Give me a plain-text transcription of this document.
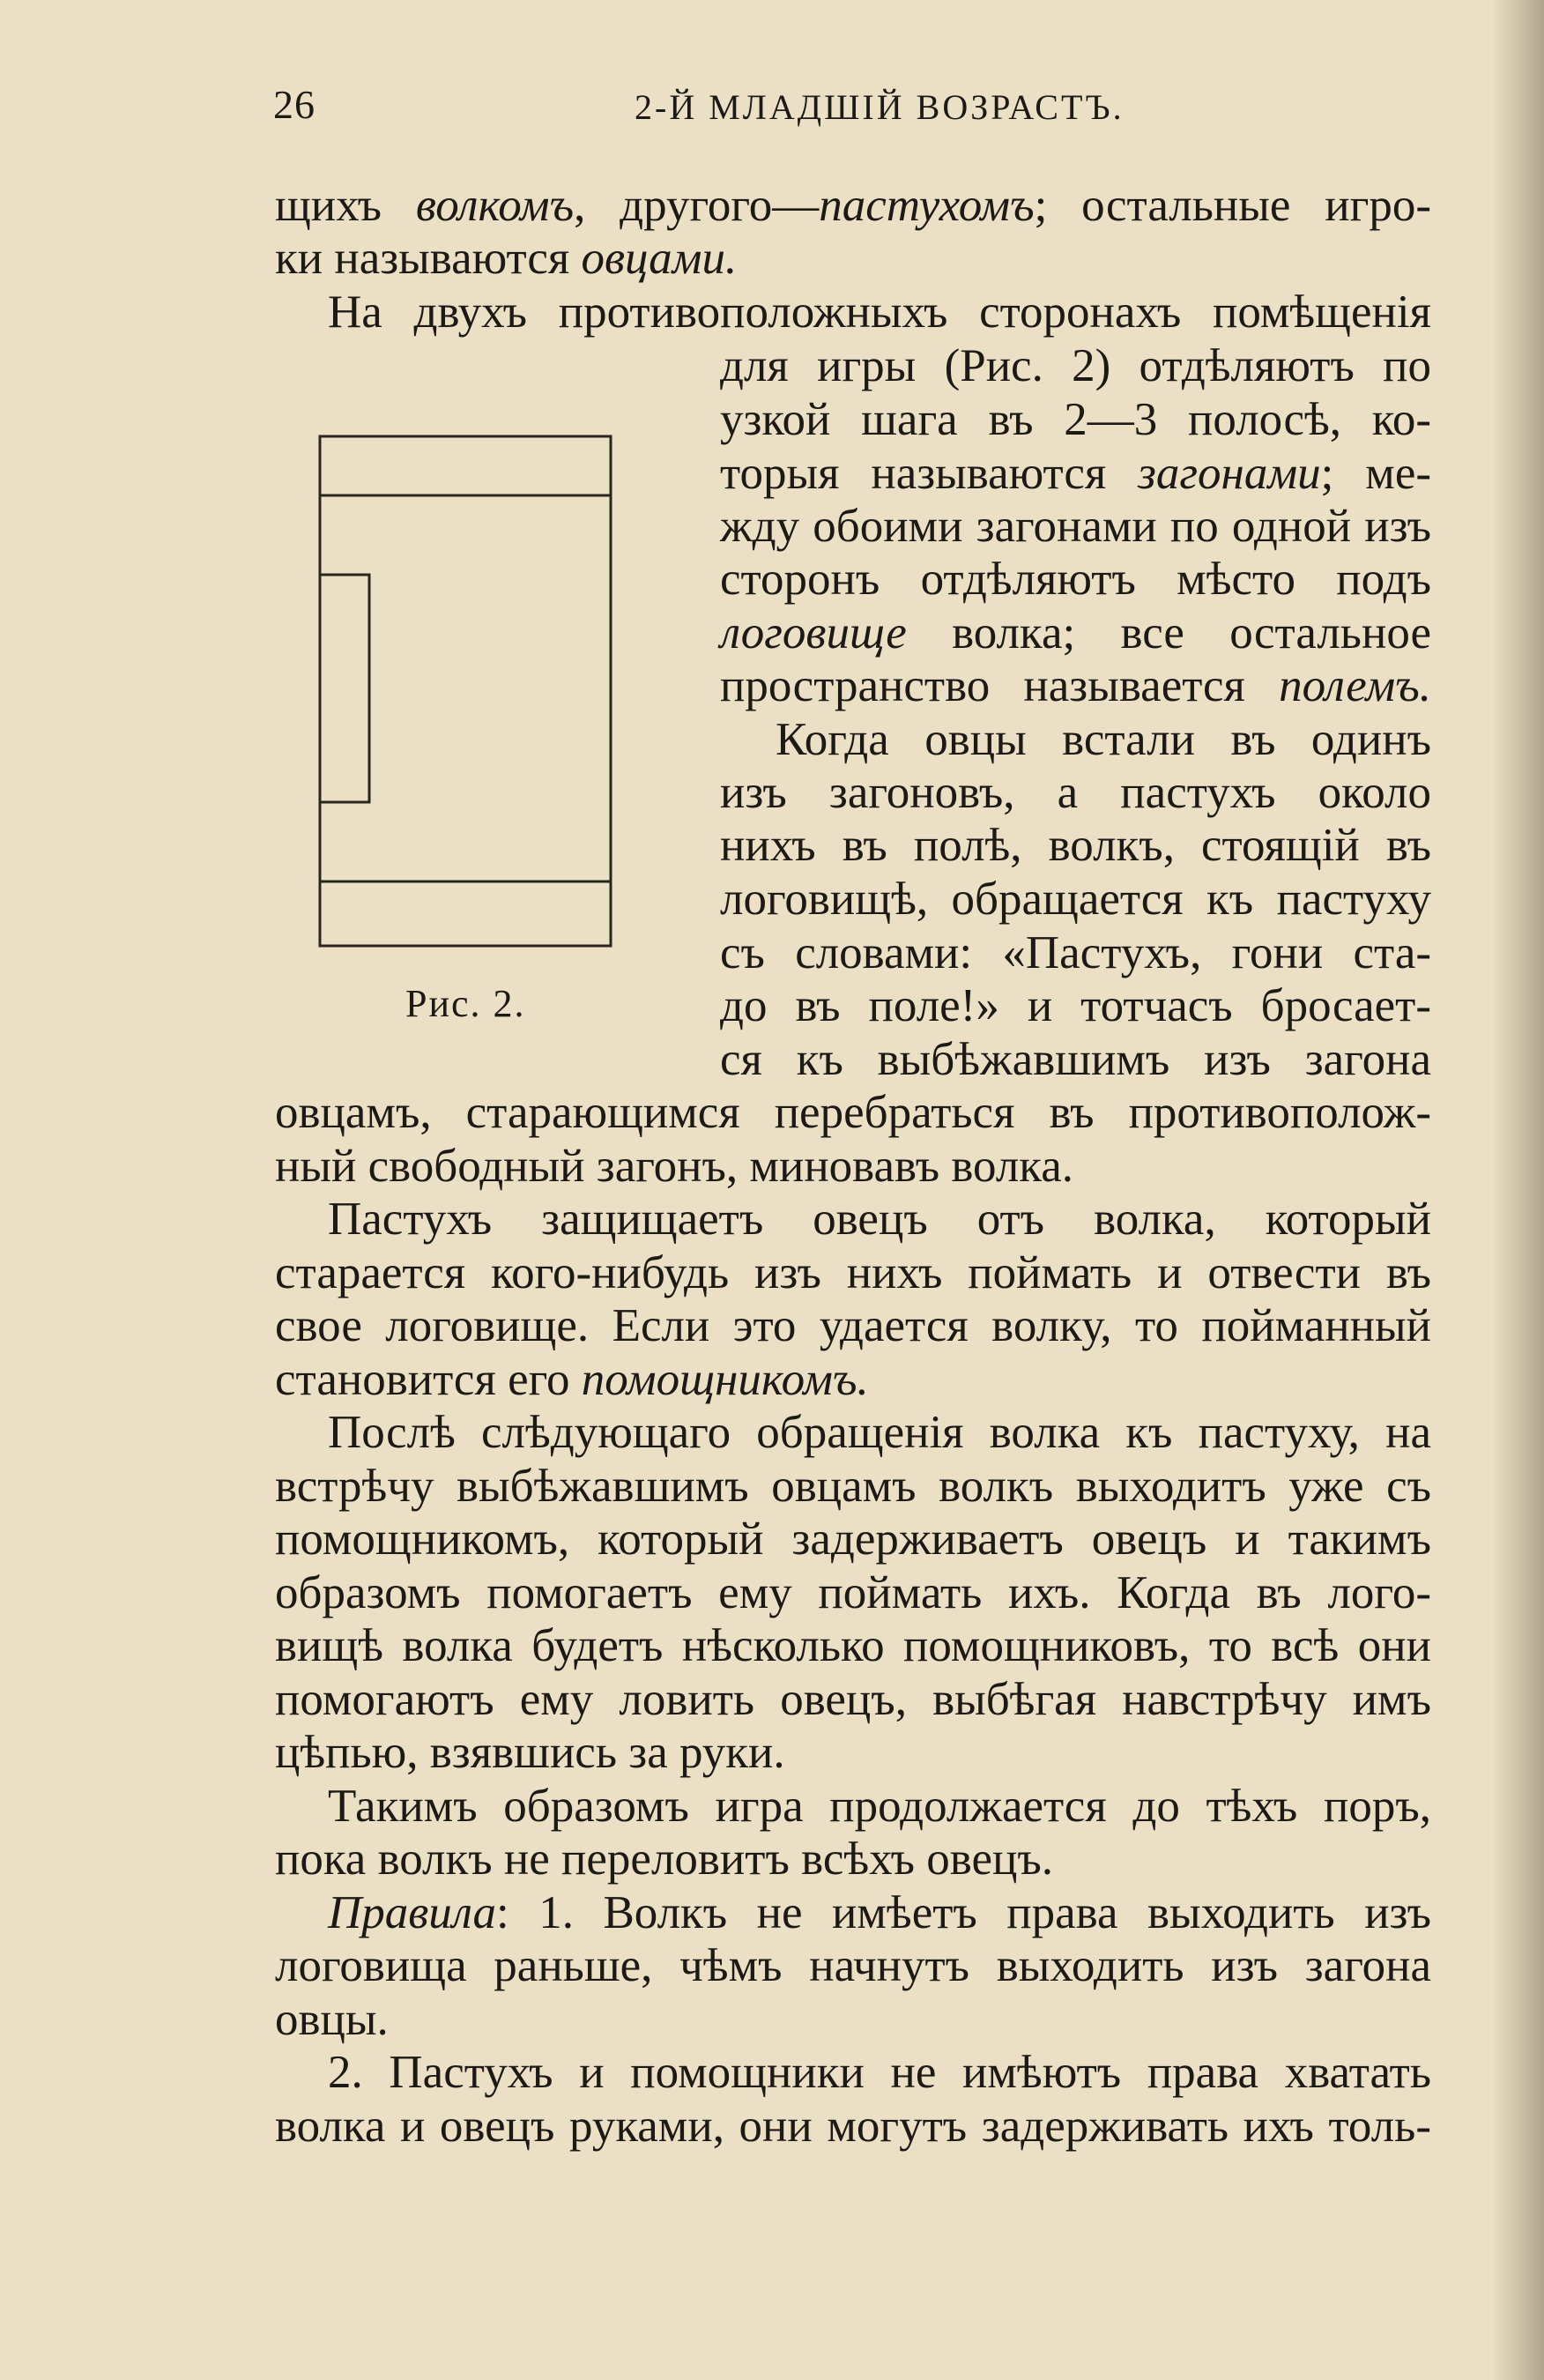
26	2-Й МЛАДШІЙ ВОЗРАСТЪ.
Рис. 2.
щихъ волкомъ, другого—пастухомъ; остальные игро-
ки называются овцами.
На двухъ противоположныхъ сторонахъ помѣщенія
для игры (Рис. 2) отдѣляютъ по
узкой шага въ 2—3 полосѣ, ко-
торыя называются загонами; ме-
жду обоими загонами по одной изъ
сторонъ отдѣляютъ мѣсто подъ
логовище волка; все остальное
пространство называется полемъ.
Когда овцы встали въ одинъ
изъ загоновъ, а пастухъ около
нихъ въ полѣ, волкъ, стоящій въ
логовищѣ, обращается къ пастуху
съ словами: «Пастухъ, гони ста-
до въ поле!» и тотчасъ бросает-
ся къ выбѣжавшимъ изъ загона
овцамъ, старающимся перебраться въ противополож-
ный свободный загонъ, миновавъ волка.
Пастухъ защищаетъ овецъ отъ волка, который
старается кого-нибудь изъ нихъ поймать и отвести въ
свое логовище. Если это удается волку, то пойманный
становится его помощникомъ.
Послѣ слѣдующаго обращенія волка къ пастуху, на
встрѣчу выбѣжавшимъ овцамъ волкъ выходитъ уже съ
помощникомъ, который задерживаетъ овецъ и такимъ
образомъ помогаетъ ему поймать ихъ. Когда въ лого-
вищѣ волка будетъ нѣсколько помощниковъ, то всѣ они
помогаютъ ему ловить овецъ, выбѣгая навстрѣчу имъ
цѣпью, взявшись за руки.
Такимъ образомъ игра продолжается до тѣхъ поръ,
пока волкъ не переловитъ всѣхъ овецъ.
Правила: 1. Волкъ не имѣетъ права выходить изъ
логовища раньше, чѣмъ начнутъ выходить изъ загона
овцы.
2. Пастухъ и помощники не имѣютъ права хватать
волка и овецъ руками, они могутъ задерживать ихъ толь-
